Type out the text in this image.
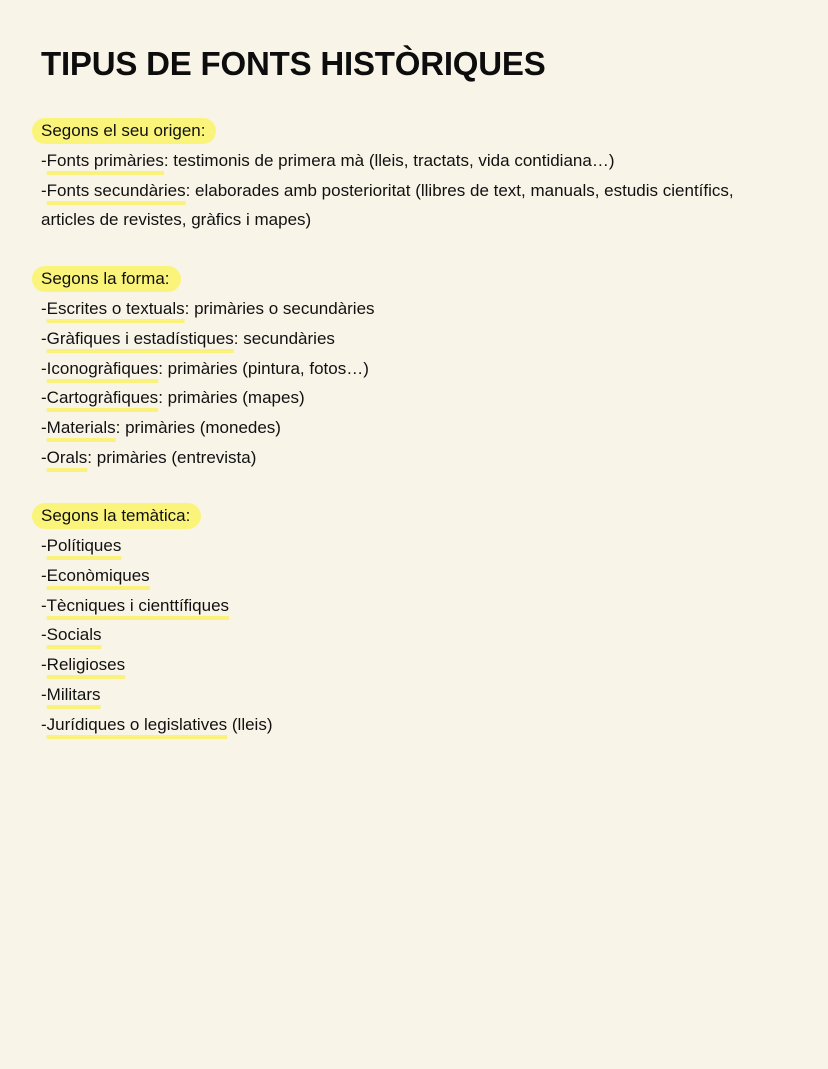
TIPUS DE FONTS HISTÒRIQUES
Segons el seu origen:
-Fonts primàries: testimonis de primera mà (lleis, tractats, vida contidiana…)
-Fonts secundàries: elaborades amb posterioritat (llibres de text, manuals, estudis científics, articles de revistes, gràfics i mapes)
Segons la forma:
-Escrites o textuals: primàries o secundàries
-Gràfiques i estadístiques: secundàries
-Iconogràfiques: primàries (pintura, fotos…)
-Cartogràfiques: primàries (mapes)
-Materials: primàries (monedes)
-Orals: primàries (entrevista)
Segons la temàtica:
-Polítiques
-Econòmiques
-Tècniques i cienttífiques
-Socials
-Religioses
-Militars
-Jurídiques o legislatives (lleis)
